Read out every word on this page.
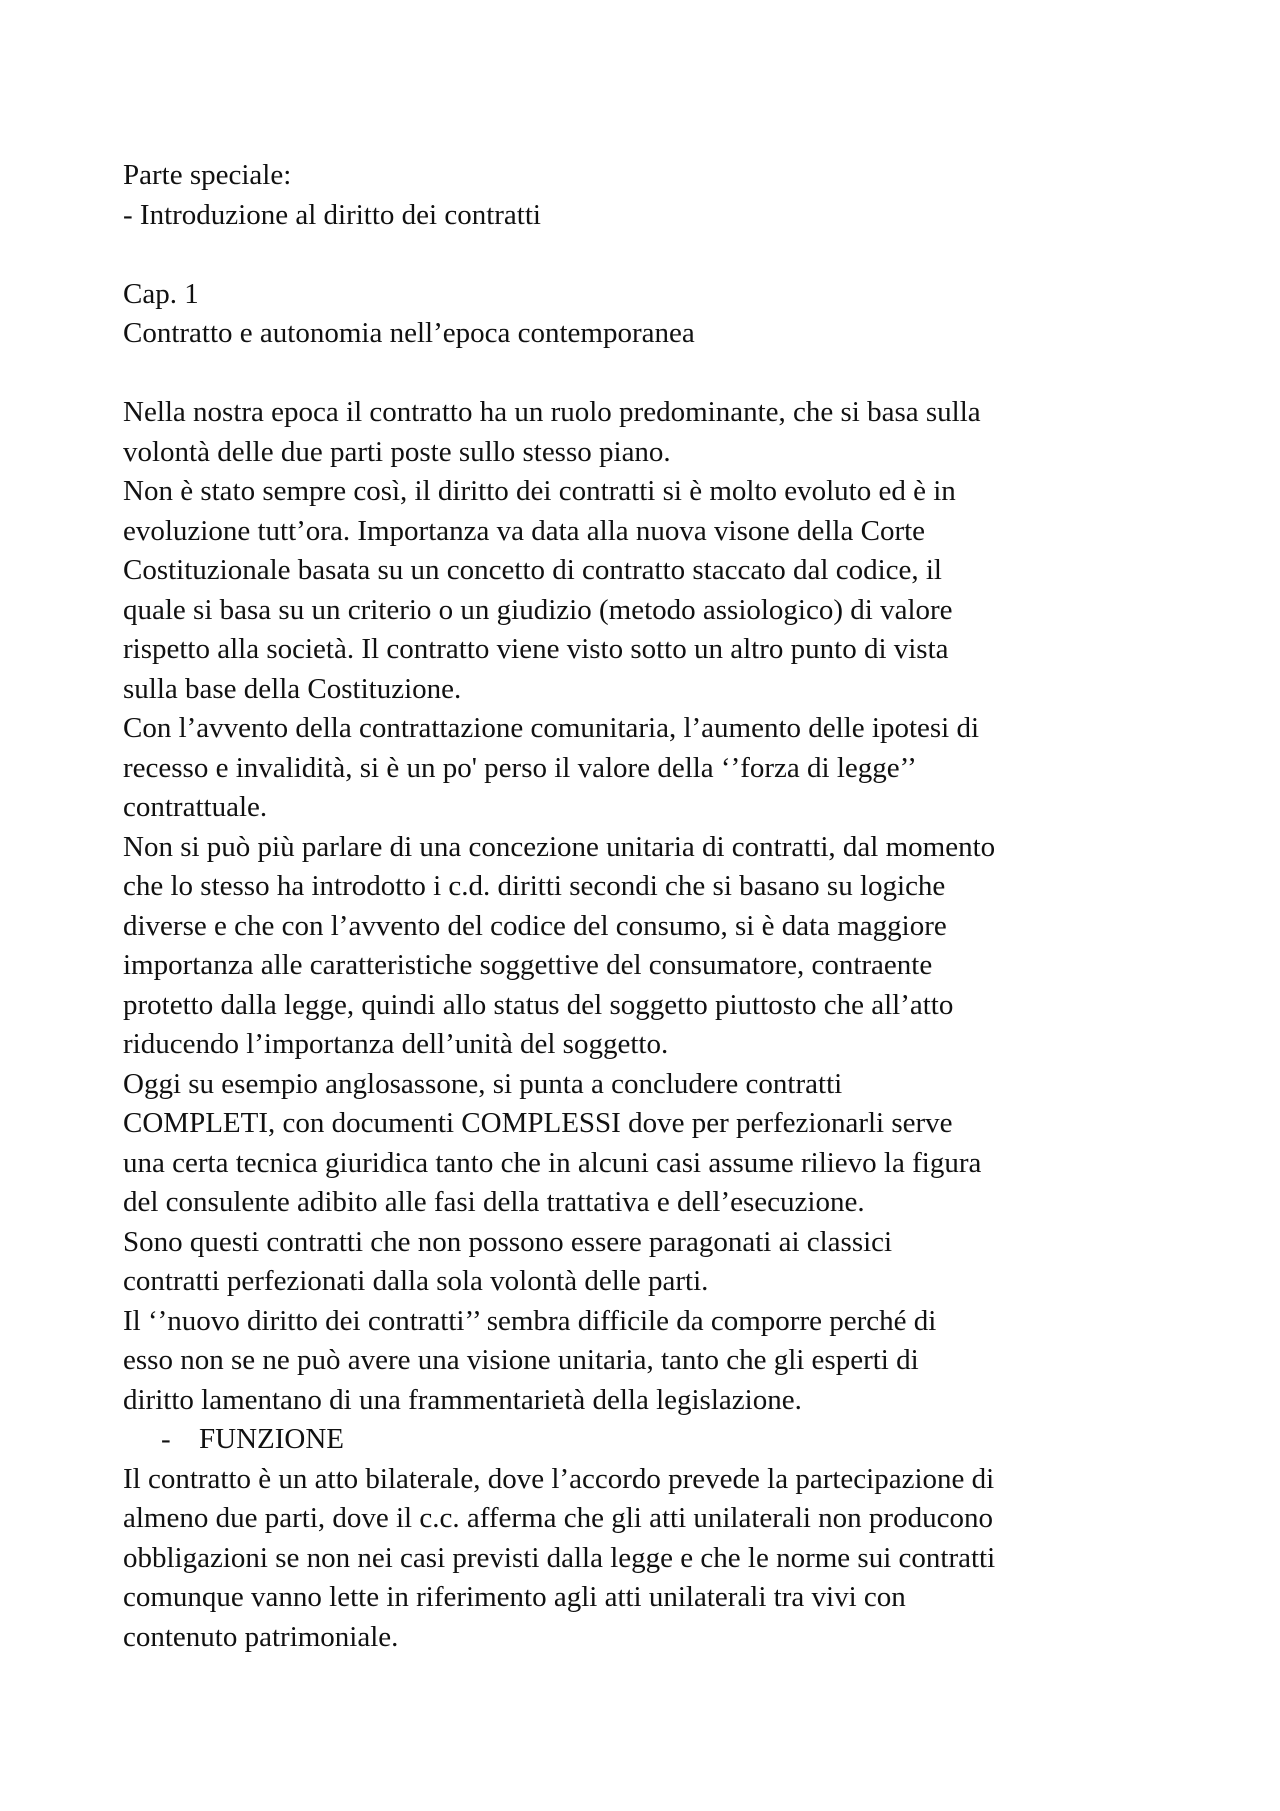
Parte speciale:
- Introduzione al diritto dei contratti
Cap. 1
Contratto e autonomia nell’epoca contemporanea
Nella nostra epoca il contratto ha un ruolo predominante, che si basa sulla
volontà delle due parti poste sullo stesso piano.
Non è stato sempre così, il diritto dei contratti si è molto evoluto ed è in
evoluzione tutt’ora. Importanza va data alla nuova visone della Corte
Costituzionale basata su un concetto di contratto staccato dal codice, il
quale si basa su un criterio o un giudizio (metodo assiologico) di valore
rispetto alla società. Il contratto viene visto sotto un altro punto di vista
sulla base della Costituzione.
Con l’avvento della contrattazione comunitaria, l’aumento delle ipotesi di
recesso e invalidità, si è un po' perso il valore della ‘’forza di legge’’
contrattuale.
Non si può più parlare di una concezione unitaria di contratti, dal momento
che lo stesso ha introdotto i c.d. diritti secondi che si basano su logiche
diverse e che con l’avvento del codice del consumo, si è data maggiore
importanza alle caratteristiche soggettive del consumatore, contraente
protetto dalla legge, quindi allo status del soggetto piuttosto che all’atto
riducendo l’importanza dell’unità del soggetto.
Oggi su esempio anglosassone, si punta a concludere contratti
COMPLETI, con documenti COMPLESSI dove per perfezionarli serve
una certa tecnica giuridica tanto che in alcuni casi assume rilievo la figura
del consulente adibito alle fasi della trattativa e dell’esecuzione.
Sono questi contratti che non possono essere paragonati ai classici
contratti perfezionati dalla sola volontà delle parti.
Il ‘’nuovo diritto dei contratti’’ sembra difficile da comporre perché di
esso non se ne può avere una visione unitaria, tanto che gli esperti di
diritto lamentano di una frammentarietà della legislazione.
- FUNZIONE
Il contratto è un atto bilaterale, dove l’accordo prevede la partecipazione di
almeno due parti, dove il c.c. afferma che gli atti unilaterali non producono
obbligazioni se non nei casi previsti dalla legge e che le norme sui contratti
comunque vanno lette in riferimento agli atti unilaterali tra vivi con
contenuto patrimoniale.
